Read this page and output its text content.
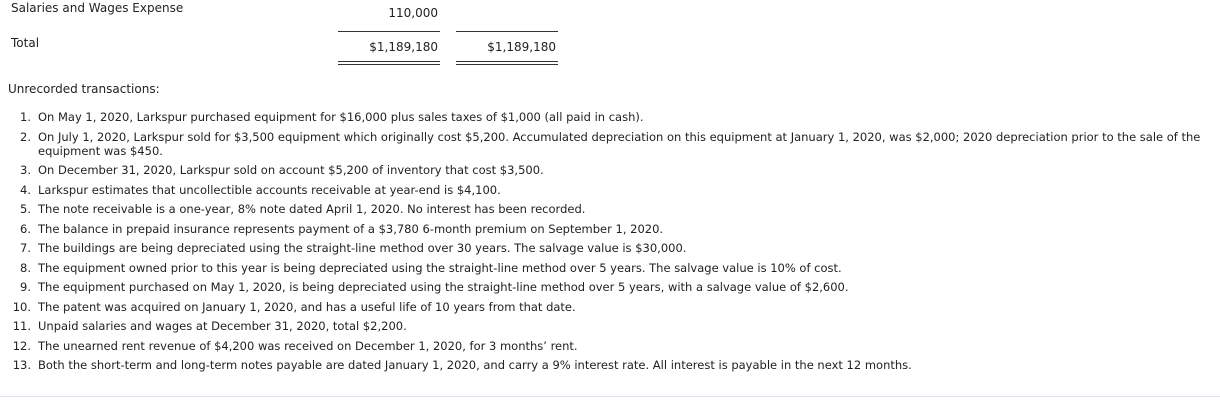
Salaries and Wages Expense	110,000
Total	$1,189,180	$1,189,180
Unrecorded transactions:
1. On May 1, 2020, Larkspur purchased equipment for $16,000 plus sales taxes of $1,000 (all paid in cash).
2. On July 1, 2020, Larkspur sold for $3,500 equipment which originally cost $5,200. Accumulated depreciation on this equipment at January 1, 2020, was $2,000; 2020 depreciation prior to the sale of the equipment was $450.
3. On December 31, 2020, Larkspur sold on account $5,200 of inventory that cost $3,500.
4. Larkspur estimates that uncollectible accounts receivable at year-end is $4,100.
5. The note receivable is a one-year, 8% note dated April 1, 2020. No interest has been recorded.
6. The balance in prepaid insurance represents payment of a $3,780 6-month premium on September 1, 2020.
7. The buildings are being depreciated using the straight-line method over 30 years. The salvage value is $30,000.
8. The equipment owned prior to this year is being depreciated using the straight-line method over 5 years. The salvage value is 10% of cost.
9. The equipment purchased on May 1, 2020, is being depreciated using the straight-line method over 5 years, with a salvage value of $2,600.
10. The patent was acquired on January 1, 2020, and has a useful life of 10 years from that date.
11. Unpaid salaries and wages at December 31, 2020, total $2,200.
12. The unearned rent revenue of $4,200 was received on December 1, 2020, for 3 months’ rent.
13. Both the short-term and long-term notes payable are dated January 1, 2020, and carry a 9% interest rate. All interest is payable in the next 12 months.
